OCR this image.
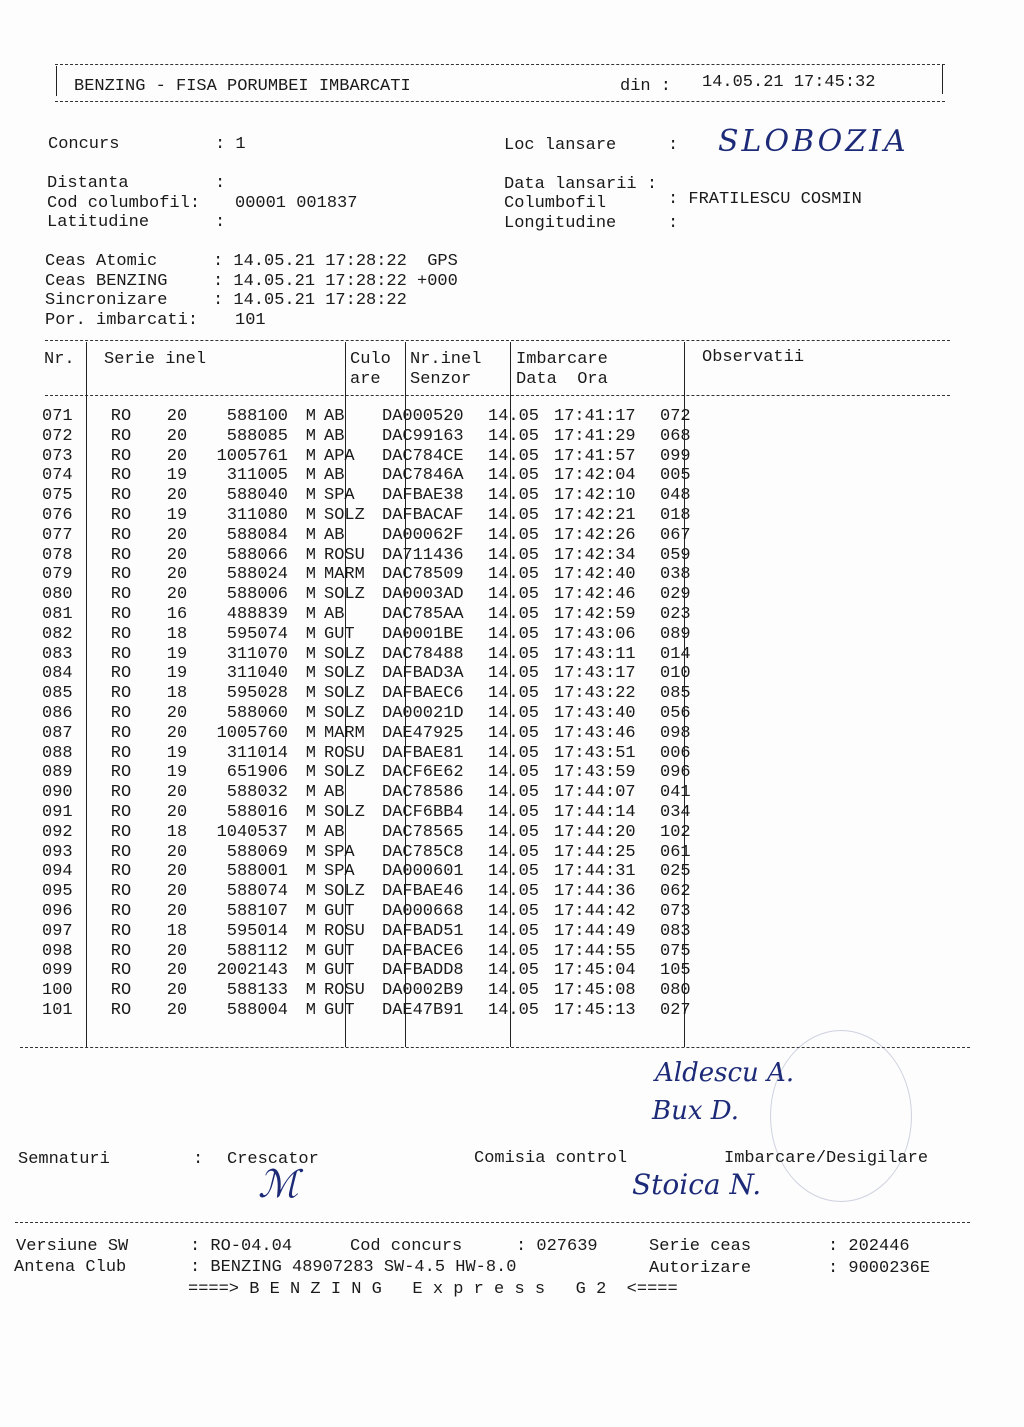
BENZING - FISA PORUMBEI IMBARCATI	din : 14.05.21 17:45:32
Concurs	: 1	Loc lansare	: SLOBOZIA
Distanta	:
Cod columbofil: 00001 001837
Latitudine	:
Data lansarii :
Columbofil	: FRATILESCU COSMIN
Longitudine	:
Ceas Atomic	: 14.05.21 17:28:22  GPS
Ceas BENZING	: 14.05.21 17:28:22 +000
Sincronizare	: 14.05.21 17:28:22
Por. imbarcati: 101
Nr. Serie inel	Culo
are
Nr.inel
Senzor
Imbarcare
Data  Ora
Observatii
071	RO	20	588100	M	AB	DA000520	14.05	17:41:17	072
072	RO	20	588085	M	AB	DAC99163	14.05	17:41:29	068
073	RO	20	1005761	M	APA	DAC784CE	14.05	17:41:57	099
074	RO	19	311005	M	AB	DAC7846A	14.05	17:42:04	005
075	RO	20	588040	M	SPA	DAFBAE38	14.05	17:42:10	048
076	RO	19	311080	M	SOLZ	DAFBACAF	14.05	17:42:21	018
077	RO	20	588084	M	AB	DA00062F	14.05	17:42:26	067
078	RO	20	588066	M	ROSU	DA711436	14.05	17:42:34	059
079	RO	20	588024	M	MARM	DAC78509	14.05	17:42:40	038
080	RO	20	588006	M	SOLZ	DA0003AD	14.05	17:42:46	029
081	RO	16	488839	M	AB	DAC785AA	14.05	17:42:59	023
082	RO	18	595074	M	GUT	DA0001BE	14.05	17:43:06	089
083	RO	19	311070	M	SOLZ	DAC78488	14.05	17:43:11	014
084	RO	19	311040	M	SOLZ	DAFBAD3A	14.05	17:43:17	010
085	RO	18	595028	M	SOLZ	DAFBAEC6	14.05	17:43:22	085
086	RO	20	588060	M	SOLZ	DA00021D	14.05	17:43:40	056
087	RO	20	1005760	M	MARM	DAE47925	14.05	17:43:46	098
088	RO	19	311014	M	ROSU	DAFBAE81	14.05	17:43:51	006
089	RO	19	651906	M	SOLZ	DACF6E62	14.05	17:43:59	096
090	RO	20	588032	M	AB	DAC78586	14.05	17:44:07	041
091	RO	20	588016	M	SOLZ	DACF6BB4	14.05	17:44:14	034
092	RO	18	1040537	M	AB	DAC78565	14.05	17:44:20	102
093	RO	20	588069	M	SPA	DAC785C8	14.05	17:44:25	061
094	RO	20	588001	M	SPA	DA000601	14.05	17:44:31	025
095	RO	20	588074	M	SOLZ	DAFBAE46	14.05	17:44:36	062
096	RO	20	588107	M	GUT	DA000668	14.05	17:44:42	073
097	RO	18	595014	M	ROSU	DAFBAD51	14.05	17:44:49	083
098	RO	20	588112	M	GUT	DAFBACE6	14.05	17:44:55	075
099	RO	20	2002143	M	GUT	DAFBADD8	14.05	17:45:04	105
100	RO	20	588133	M	ROSU	DA0002B9	14.05	17:45:08	080
101	RO	20	588004	M	GUT	DAE47B91	14.05	17:45:13	027
Aldescu A.
Bux D.
Semnaturi	: Crescator	Comisia control	Imbarcare/Desigilare
ℳ	Stoica N.
Versiune SW	: RO-04.04	Cod concurs	: 027639	Serie ceas	: 202446
Antena Club	: BENZING 48907283 SW-4.5 HW-8.0	Autorizare	: 9000236E
====> B E N Z I N G   E x p r e s s   G 2  <====
